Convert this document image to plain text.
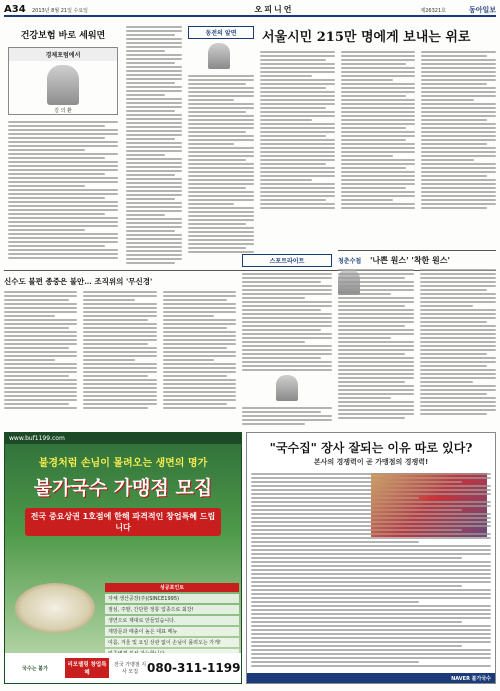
A34	2013년 8월 21일 수요일	오피니언	제26321호	동아일보
건강보험 바로 세워면
경제포럼에서
김 의 환
동전의 앞면	서울시민 215만 명에게 보내는 위로
신수도 불편 종중은 불안… 조직위의 '무신경'
스포트라이트	청춘수첩 '나쁜 원스' '착한 원스'
www.buf1199.com
불경처럼 손님이 몰려오는 생면의 명가
불가국수 가맹점 모집
전국 중요상권 1호점에 한해 파격적인 창업특혜 드립니다
성공포인트
자체 생산공장(주)(SINCE1995)
점심, 주말, 간단한 정통 업종으로 최강!
생면으로 제대로 만들었습니다.
재방문과 매출이 높은 대표 메뉴
여름, 겨울 및 요일 상관 없이 손님이 몰려오는 가게!
국수는 불가
리모델링 창업특혜
전국 가맹점 지사 모집 080-311-1199
"국수집" 장사 잘되는 이유 따로 있다?
본사의 경쟁력이 곧 가맹점의 경쟁력!
NAVER 불가국수
